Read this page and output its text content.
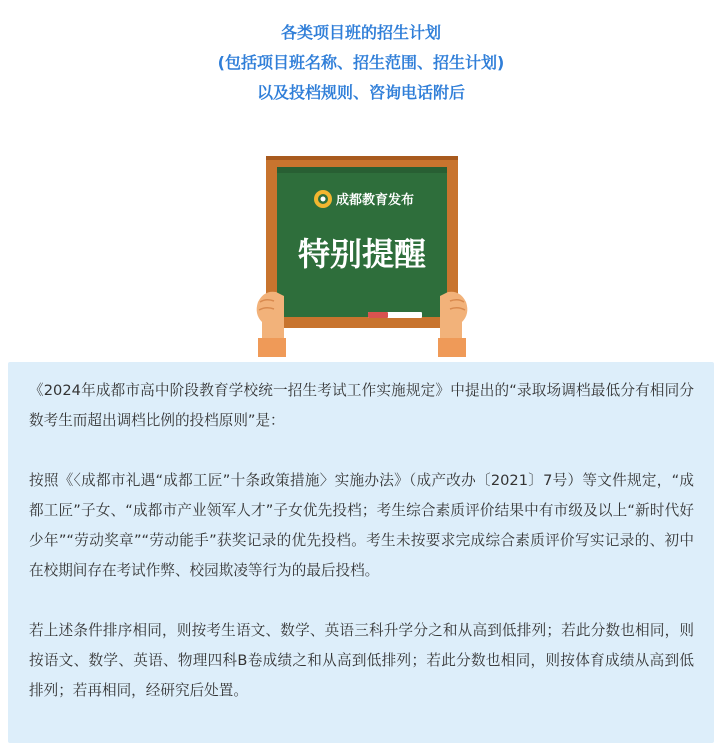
各类项目班的招生计划
(包括项目班名称、招生范围、招生计划)
以及投档规则、咨询电话附后
成都教育发布
特别提醒

《2024年成都市高中阶段教育学校统一招生考试工作实施规定》中提出的“录取场调档最低分有相同分数考生而超出调档比例的投档原则”是：

按照《〈成都市礼遇“成都工匠”十条政策措施〉实施办法》（成产改办〔2021〕7号）等文件规定，“成都工匠”子女、“成都市产业领军人才”子女优先投档；考生综合素质评价结果中有市级及以上“新时代好少年”“劳动奖章”“劳动能手”获奖记录的优先投档。考生未按要求完成综合素质评价写实记录的、初中在校期间存在考试作弊、校园欺凌等行为的最后投档。

若上述条件排序相同，则按考生语文、数学、英语三科升学分之和从高到低排列；若此分数也相同，则按语文、数学、英语、物理四科B卷成绩之和从高到低排列；若此分数也相同，则按体育成绩从高到低排列；若再相同，经研究后处置。
